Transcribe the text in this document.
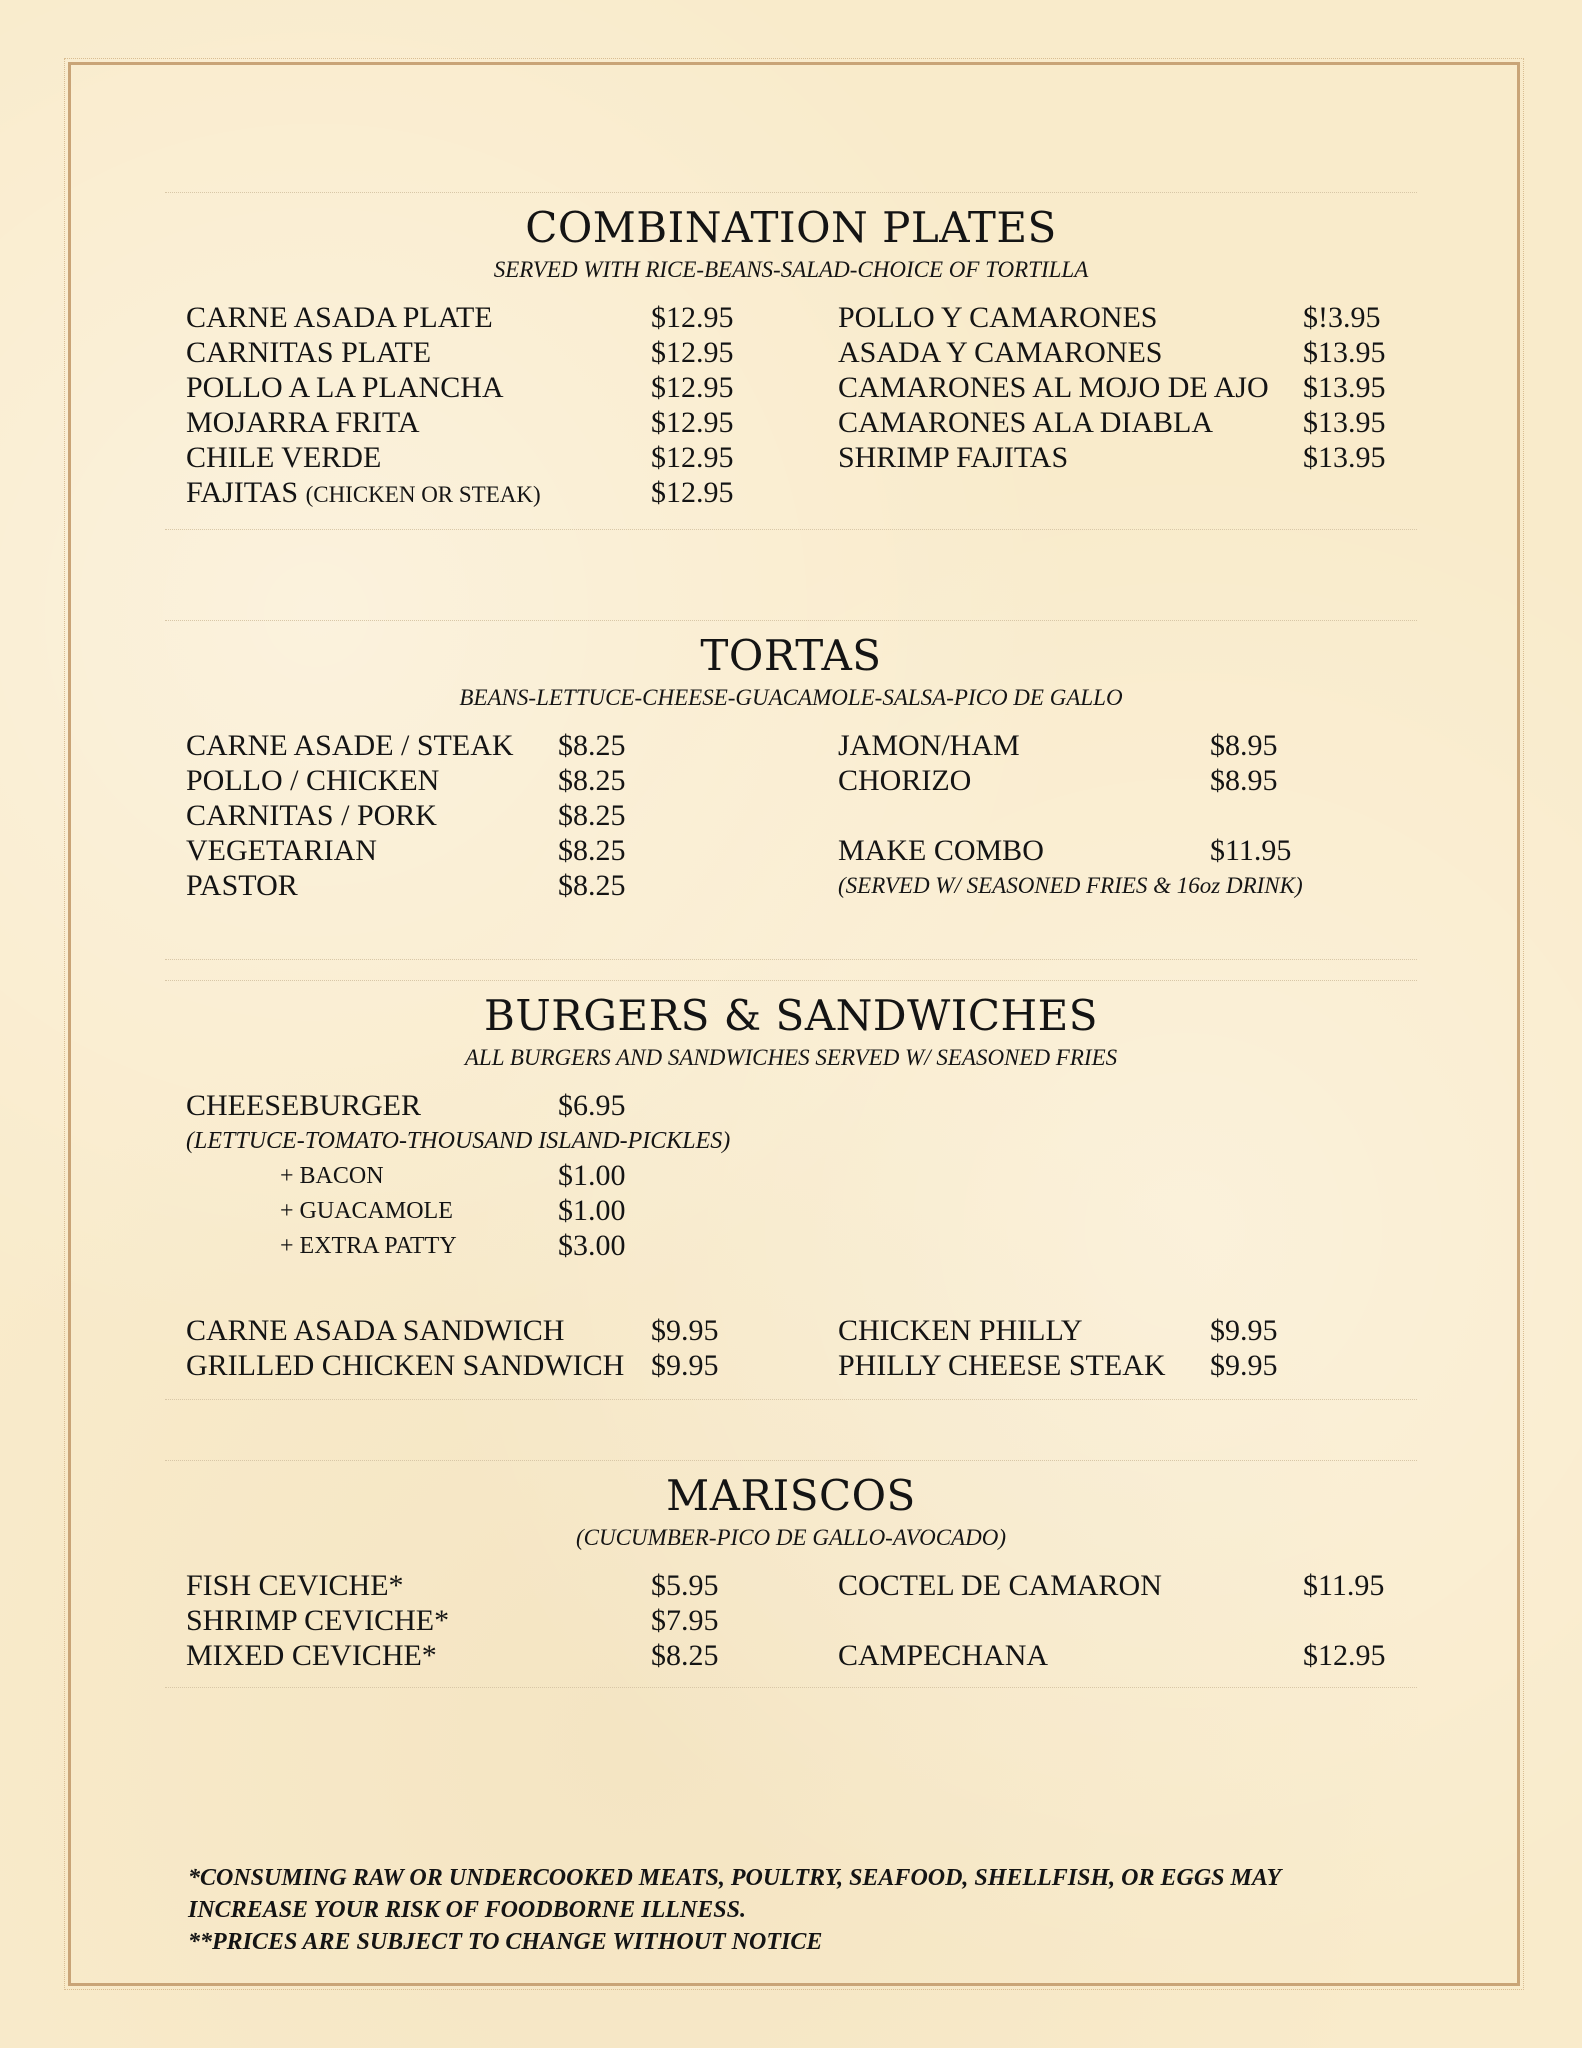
COMBINATION PLATES
SERVED WITH RICE-BEANS-SALAD-CHOICE OF TORTILLA
CARNE ASADA PLATE	$12.95
CARNITAS PLATE	$12.95
POLLO A LA PLANCHA	$12.95
MOJARRA FRITA	$12.95
CHILE VERDE	$12.95
FAJITAS (CHICKEN OR STEAK)	$12.95
POLLO Y CAMARONES	$!3.95
ASADA Y CAMARONES	$13.95
CAMARONES AL MOJO DE AJO $13.95
CAMARONES ALA DIABLA	$13.95
SHRIMP FAJITAS	$13.95
TORTAS
BEANS-LETTUCE-CHEESE-GUACAMOLE-SALSA-PICO DE GALLO
CARNE ASADE / STEAK $8.25
POLLO / CHICKEN	$8.25
CARNITAS / PORK	$8.25
VEGETARIAN	$8.25
PASTOR	$8.25
JAMON/HAM	$8.95
CHORIZO	$8.95
MAKE COMBO	$11.95
(SERVED W/ SEASONED FRIES & 16oz DRINK)
BURGERS & SANDWICHES
ALL BURGERS AND SANDWICHES SERVED W/ SEASONED FRIES
CHEESEBURGER	$6.95
(LETTUCE-TOMATO-THOUSAND ISLAND-PICKLES)
+ BACON	$1.00
+ GUACAMOLE	$1.00
+ EXTRA PATTY	$3.00
CARNE ASADA SANDWICH	$9.95
GRILLED CHICKEN SANDWICH $9.95
CHICKEN PHILLY	$9.95
PHILLY CHEESE STEAK $9.95
MARISCOS
(CUCUMBER-PICO DE GALLO-AVOCADO)
FISH CEVICHE*	$5.95
SHRIMP CEVICHE*	$7.95
MIXED CEVICHE*	$8.25
COCTEL DE CAMARON	$11.95
CAMPECHANA	$12.95
*CONSUMING RAW OR UNDERCOOKED MEATS, POULTRY, SEAFOOD, SHELLFISH, OR EGGS MAY
INCREASE YOUR RISK OF FOODBORNE ILLNESS.
**PRICES ARE SUBJECT TO CHANGE WITHOUT NOTICE
